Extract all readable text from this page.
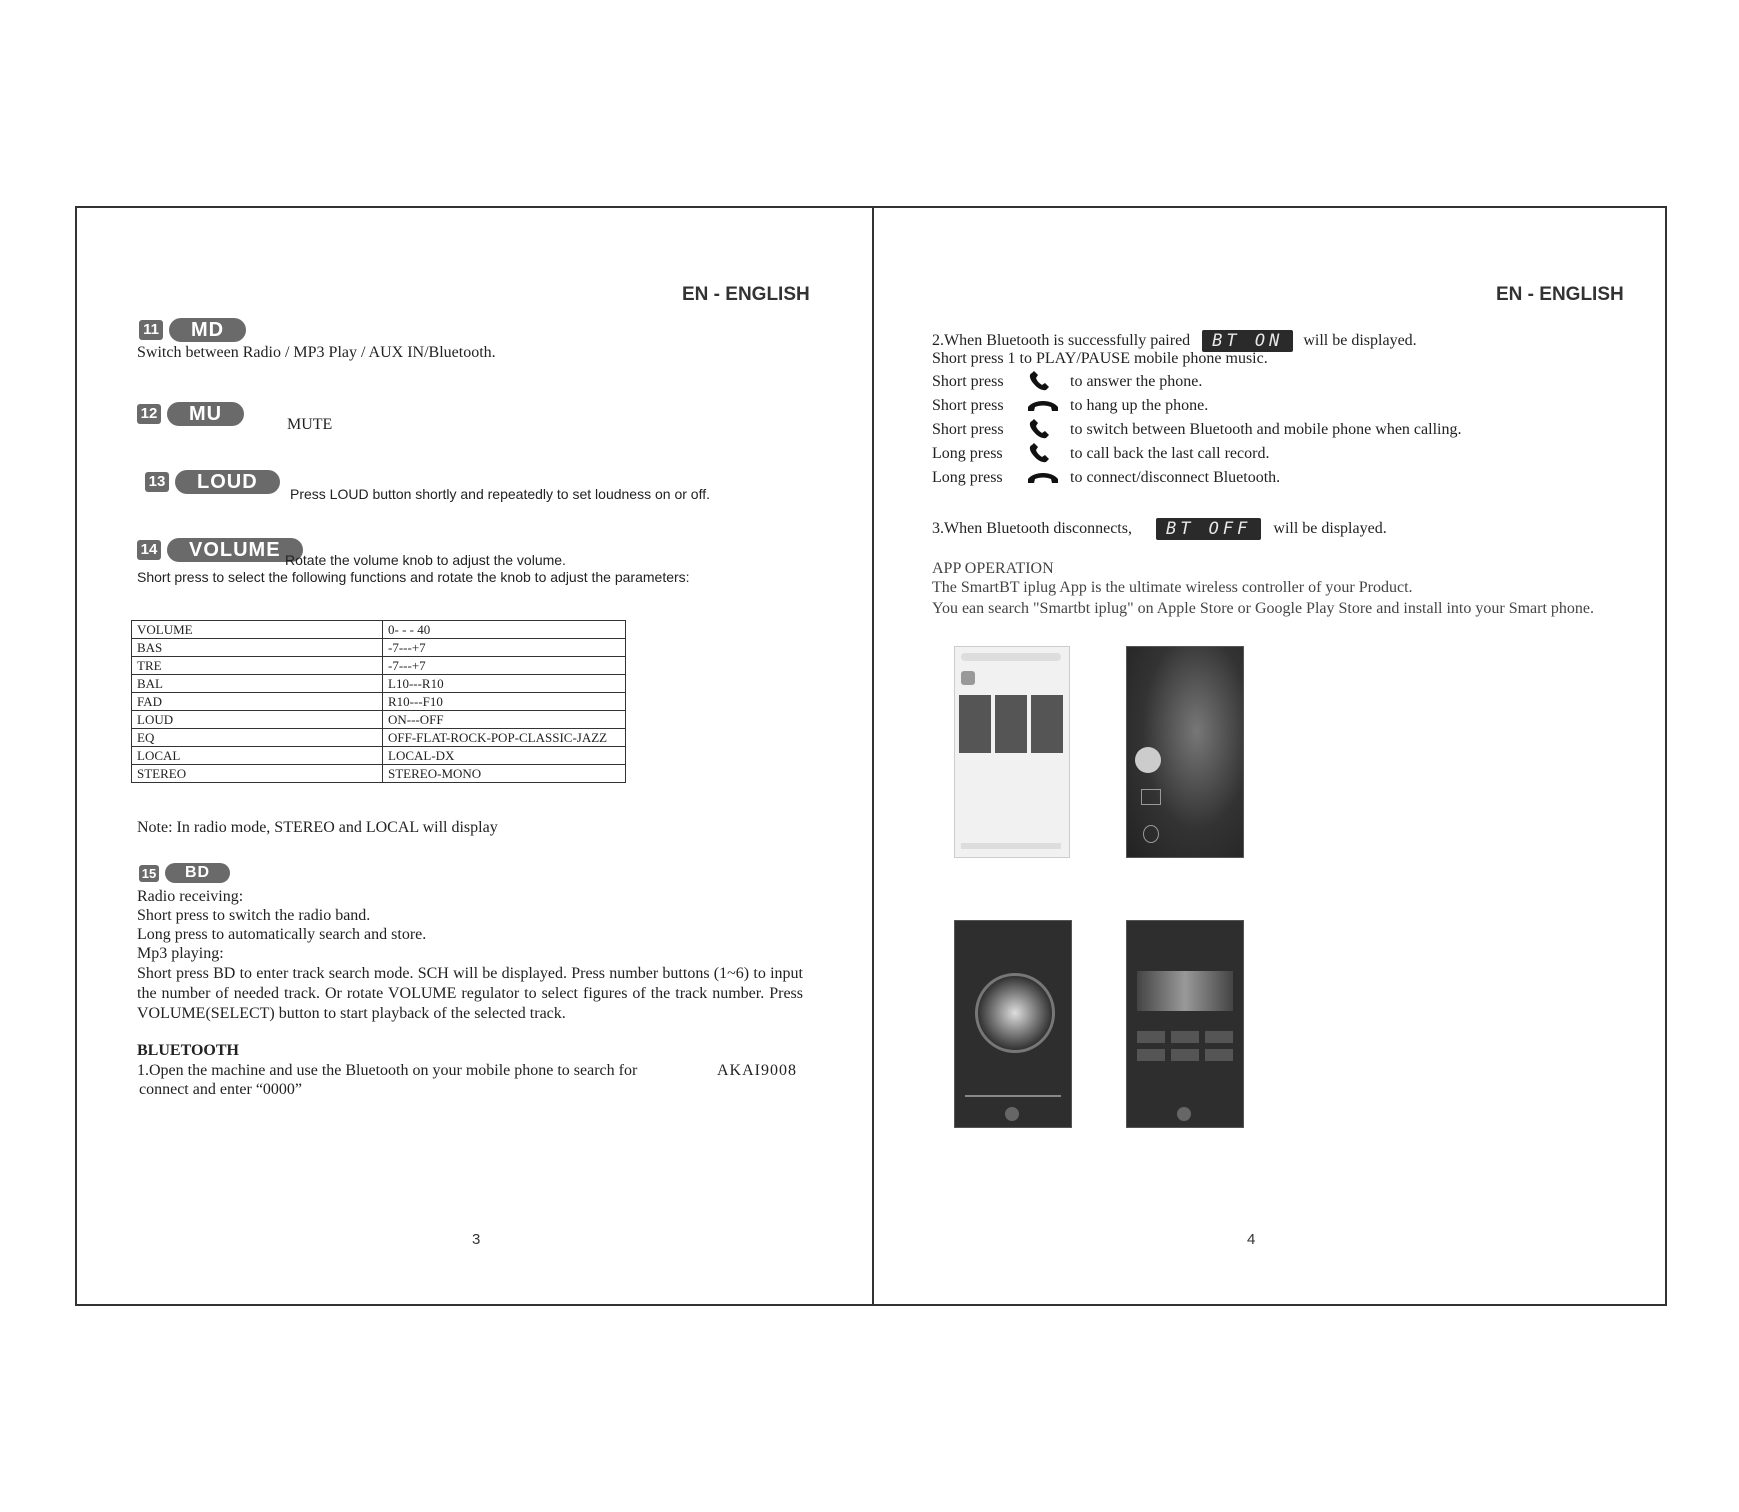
EN - ENGLISH
11	MD
Switch between Radio / MP3 Play / AUX IN/Bluetooth.
12	MU	MUTE
13	LOUD
Press LOUD button shortly and repeatedly to set loudness on or off.
14	VOLUME Rotate the volume knob to adjust the volume.
Short press to select the following functions and rotate the knob to adjust the parameters:
VOLUME	0- - - 40
BAS	-7---+7
TRE	-7---+7
BAL	L10---R10
FAD	R10---F10
LOUD	ON---OFF
EQ	OFF-FLAT-ROCK-POP-CLASSIC-JAZZ
LOCAL	LOCAL-DX
STEREO	STEREO-MONO
Note: In radio mode, STEREO and LOCAL will display
15	BD
Radio receiving:
Short press to switch the radio band.
Long press to automatically search and store.
Mp3 playing:
Short press BD to enter track search mode. SCH will be displayed. Press number buttons (1~6) to input the number of needed track. Or rotate VOLUME regulator to select figures of the track number. Press VOLUME(SELECT) button to start playback of the selected track.
BLUETOOTH
1.Open the machine and use the Bluetooth on your mobile phone to search for	AKAI9008
connect and enter “0000”
3
EN - ENGLISH
2.When Bluetooth is successfully paired	BT ON	will be displayed.
Short press 1 to PLAY/PAUSE mobile phone music.
Short press	to answer the phone.
Short press	to hang up the phone.
Short press	to switch between Bluetooth and mobile phone when calling.
Long press	to call back the last call record.
Long press	to connect/disconnect Bluetooth.
3.When Bluetooth disconnects,	BT OFF	will be displayed.
APP OPERATION
The SmartBT iplug App is the ultimate wireless controller of your Product.
You ean search "Smartbt iplug" on Apple Store or Google Play Store and install into your Smart phone.
4
